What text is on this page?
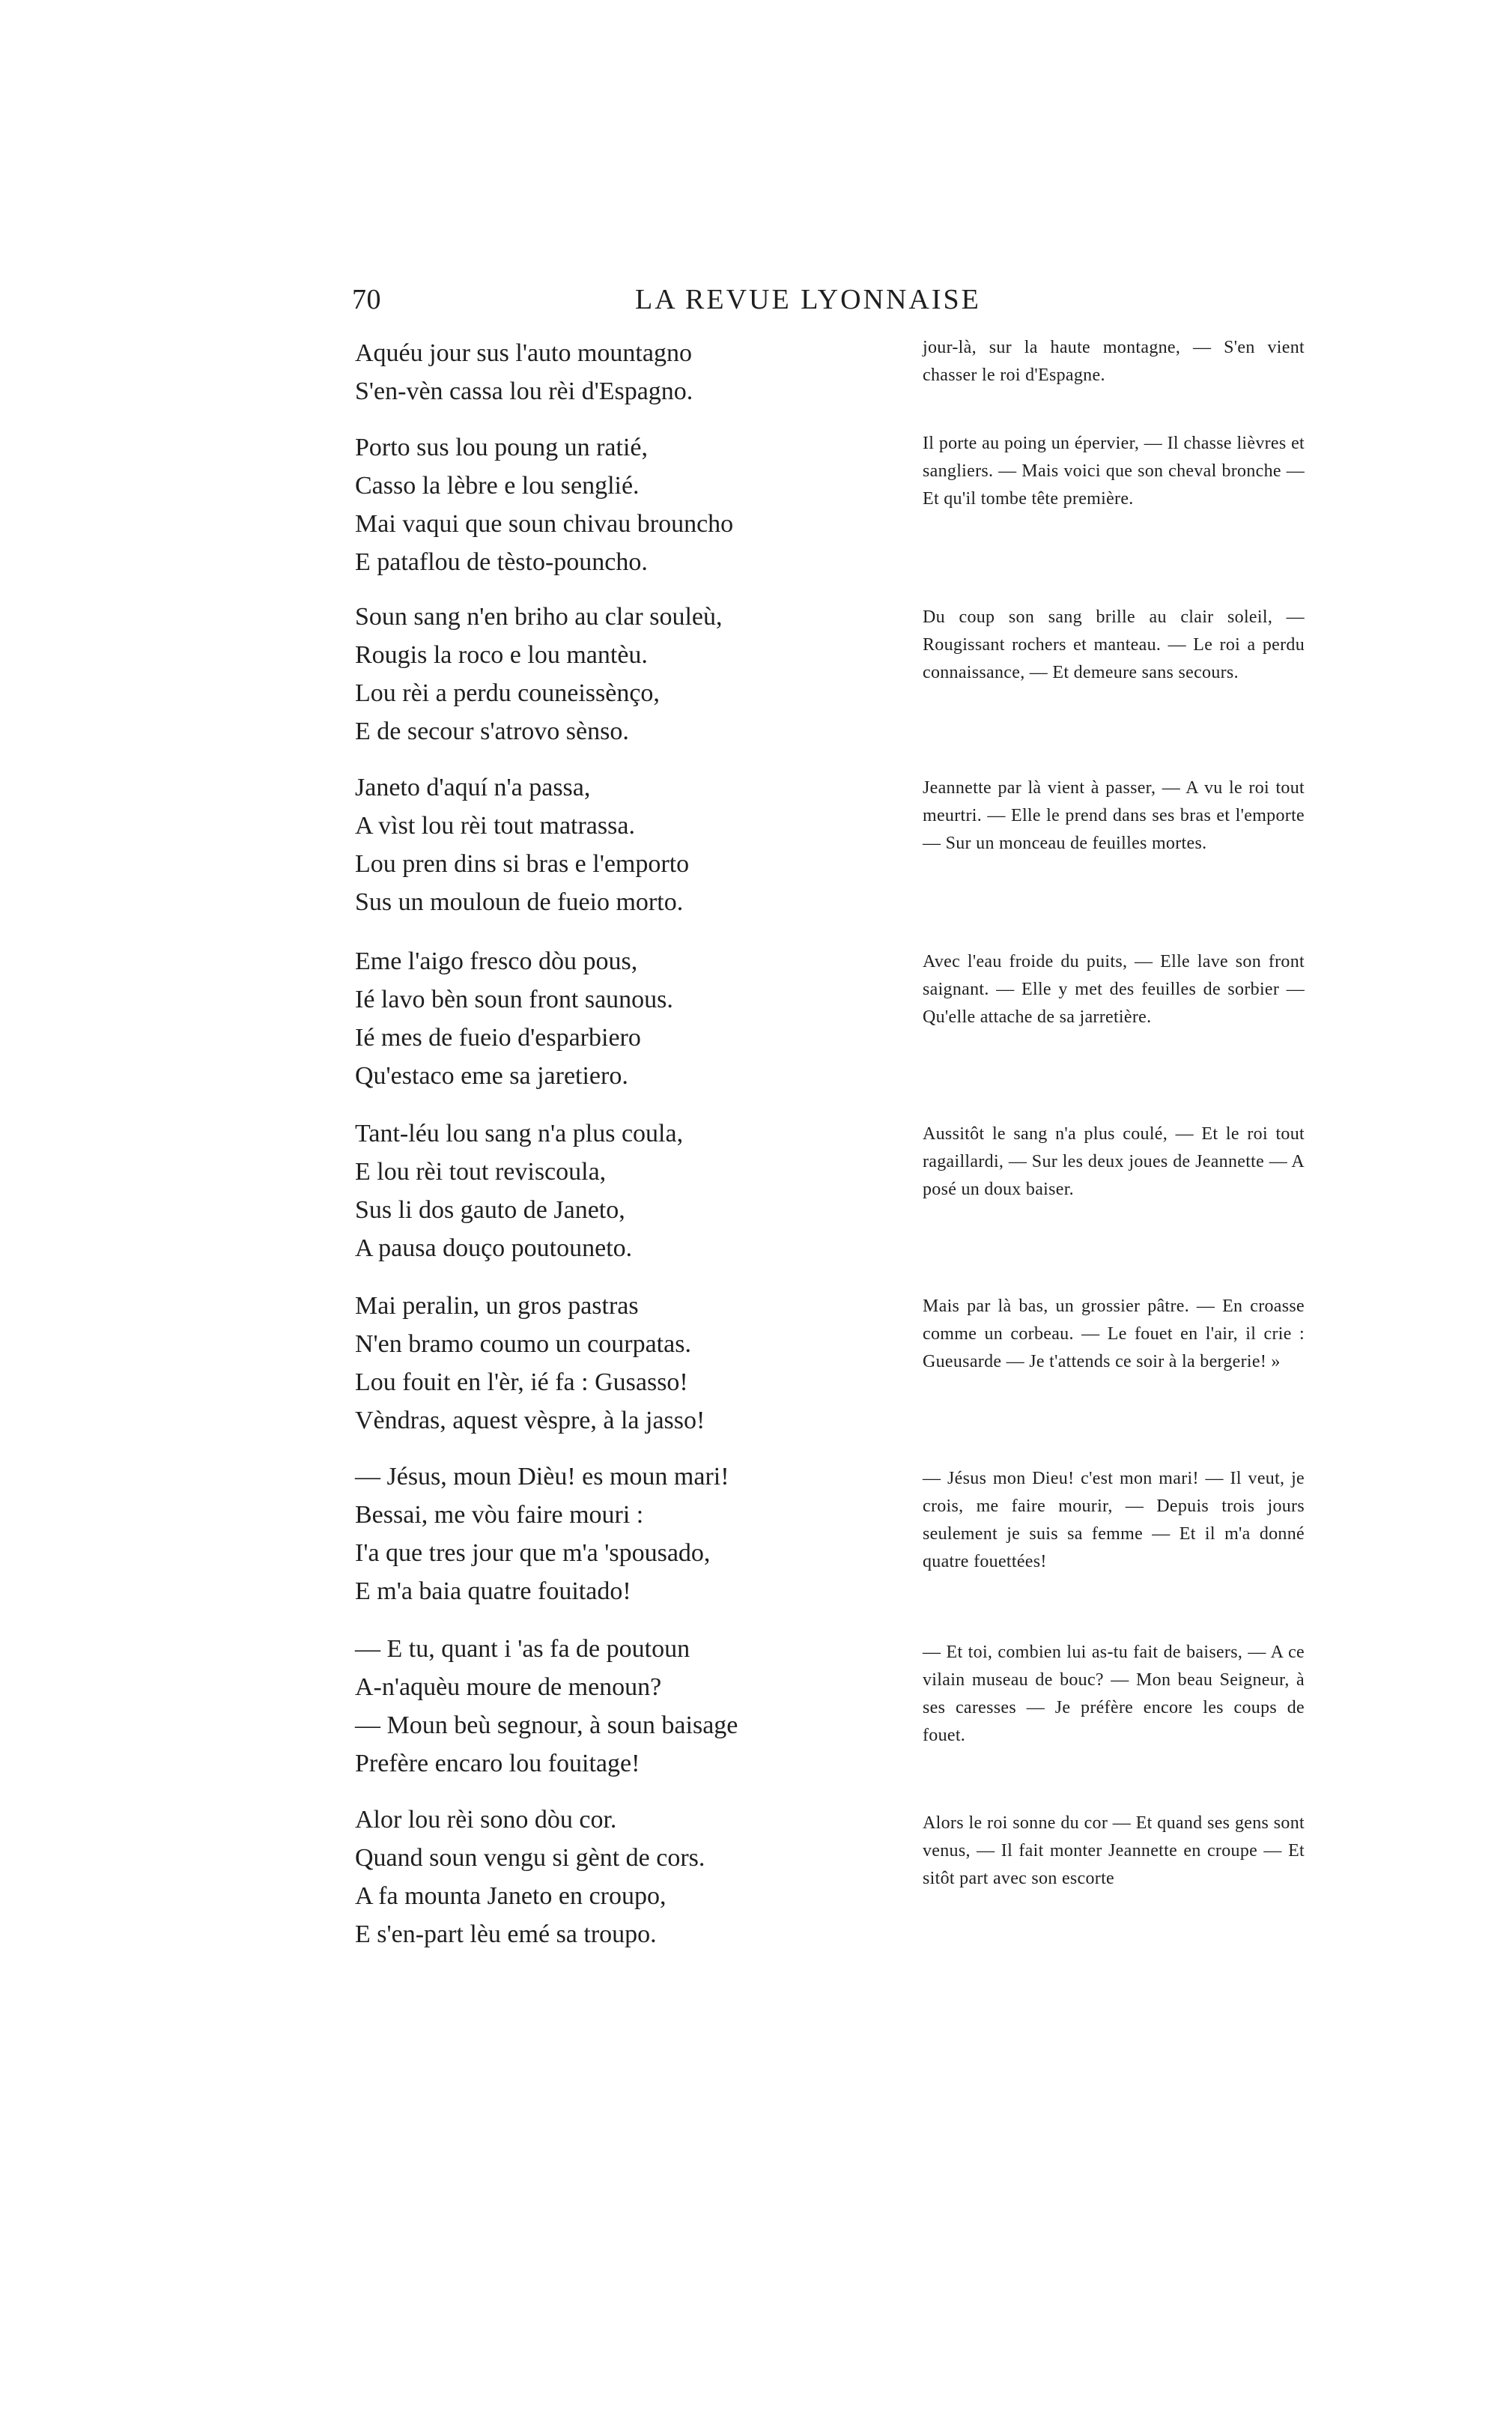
70	LA REVUE LYONNAISE
Aquéu jour sus l'auto mountagno
S'en-vèn cassa lou rèi d'Espagno.
Porto sus lou poung un ratié,
Casso la lèbre e lou senglié.
Mai vaqui que soun chivau brouncho
E pataflou de tèsto-pouncho.
Soun sang n'en briho au clar souleù,
Rougis la roco e lou mantèu.
Lou rèi a perdu couneissènço,
E de secour s'atrovo sènso.
Janeto d'aquí n'a passa,
A vìst lou rèi tout matrassa.
Lou pren dins si bras e l'emporto
Sus un mouloun de fueio morto.
Eme l'aigo fresco dòu pous,
Ié lavo bèn soun front saunous.
Ié mes de fueio d'esparbiero
Qu'estaco eme sa jaretiero.
Tant-léu lou sang n'a plus coula,
E lou rèi tout reviscoula,
Sus li dos gauto de Janeto,
A pausa douço poutouneto.
Mai peralin, un gros pastras
N'en bramo coumo un courpatas.
Lou fouit en l'èr, ié fa : Gusasso!
Vèndras, aquest vèspre, à la jasso!
— Jésus, moun Dièu! es moun mari!
Bessai, me vòu faire mouri :
I'a que tres jour que m'a 'spousado,
E m'a baia quatre fouitado!
— E tu, quant i 'as fa de poutoun
A-n'aquèu moure de menoun?
— Moun beù segnour, à soun baisage
Prefère encaro lou fouitage!
Alor lou rèi sono dòu cor.
Quand soun vengu si gènt de cors.
A fa mounta Janeto en croupo,
E s'en-part lèu emé sa troupo.
jour-là, sur la haute montagne, — S'en vient chasser le roi d'Espagne.
Il porte au poing un épervier, — Il chasse lièvres et sangliers. — Mais voici que son cheval bronche — Et qu'il tombe tête première.
Du coup son sang brille au clair soleil, — Rougissant rochers et manteau. — Le roi a perdu connaissance, — Et demeure sans secours.
Jeannette par là vient à passer, — A vu le roi tout meurtri. — Elle le prend dans ses bras et l'emporte — Sur un monceau de feuilles mortes.
Avec l'eau froide du puits, — Elle lave son front saignant. — Elle y met des feuilles de sorbier — Qu'elle attache de sa jarretière.
Aussitôt le sang n'a plus coulé, — Et le roi tout ragaillardi, — Sur les deux joues de Jeannette — A posé un doux baiser.
Mais par là bas, un grossier pâtre. — En croasse comme un corbeau. — Le fouet en l'air, il crie : Gueusarde — Je t'attends ce soir à la bergerie! »
— Jésus mon Dieu! c'est mon mari! — Il veut, je crois, me faire mourir, — Depuis trois jours seulement je suis sa femme — Et il m'a donné quatre fouettées!
— Et toi, combien lui as-tu fait de baisers, — A ce vilain museau de bouc? — Mon beau Seigneur, à ses caresses — Je préfère encore les coups de fouet.
Alors le roi sonne du cor — Et quand ses gens sont venus, — Il fait monter Jeannette en croupe — Et sitôt part avec son escorte
